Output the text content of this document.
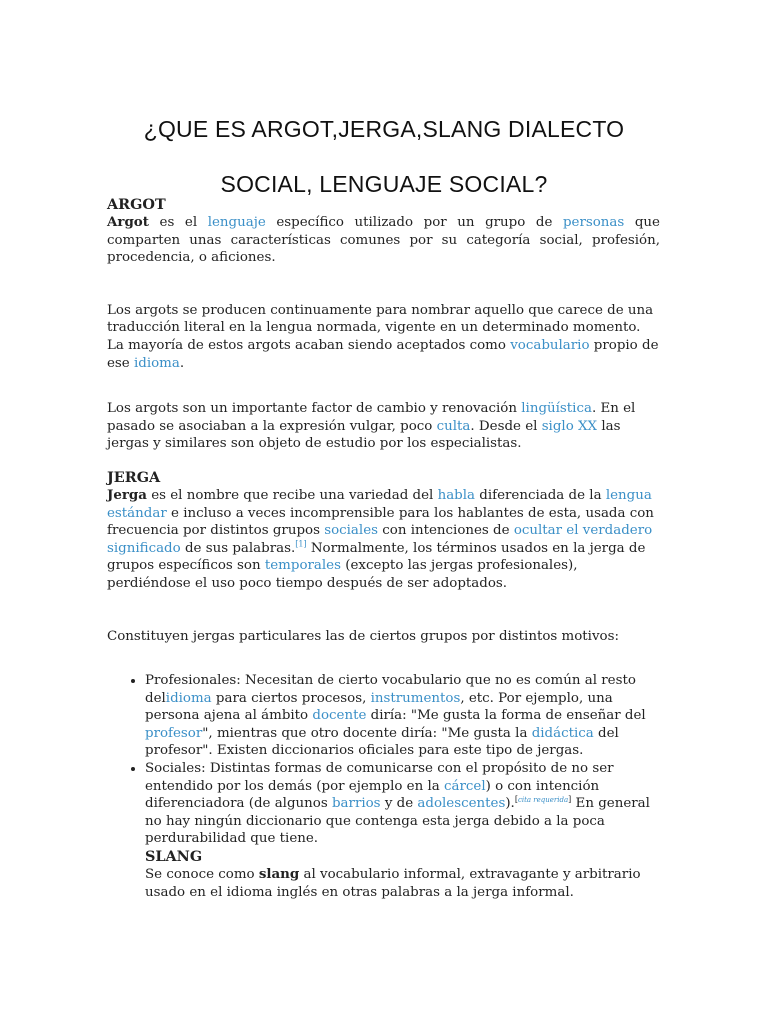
¿QUE ES ARGOT,JERGA,SLANG DIALECTO
SOCIAL, LENGUAJE SOCIAL?

ARGOT

Argot es el lenguaje específico utilizado por un grupo de personas que comparten unas características comunes por su categoría social, profesión, procedencia, o aficiones.

Los argots se producen continuamente para nombrar aquello que carece de una traducción literal en la lengua normada, vigente en un determinado momento. La mayoría de estos argots acaban siendo aceptados como vocabulario propio de ese idioma.

Los argots son un importante factor de cambio y renovación lingüística. En el pasado se asociaban a la expresión vulgar, poco culta. Desde el siglo XX las jergas y similares son objeto de estudio por los especialistas.

JERGA

Jerga es el nombre que recibe una variedad del habla diferenciada de la lengua estándar e incluso a veces incomprensible para los hablantes de esta, usada con frecuencia por distintos grupos sociales con intenciones de ocultar el verdadero significado de sus palabras.[1] Normalmente, los términos usados en la jerga de grupos específicos son temporales (excepto las jergas profesionales), perdiéndose el uso poco tiempo después de ser adoptados.

Constituyen jergas particulares las de ciertos grupos por distintos motivos:

• Profesionales: Necesitan de cierto vocabulario que no es común al resto delidioma para ciertos procesos, instrumentos, etc. Por ejemplo, una persona ajena al ámbito docente diría: "Me gusta la forma de enseñar del profesor", mientras que otro docente diría: "Me gusta la didáctica del profesor". Existen diccionarios oficiales para este tipo de jergas.
• Sociales: Distintas formas de comunicarse con el propósito de no ser entendido por los demás (por ejemplo en la cárcel) o con intención diferenciadora (de algunos barrios y de adolescentes).[cita requerida] En general no hay ningún diccionario que contenga esta jerga debido a la poca perdurabilidad que tiene.

SLANG

Se conoce como slang al vocabulario informal, extravagante y arbitrario usado en el idioma inglés en otras palabras a la jerga informal.
